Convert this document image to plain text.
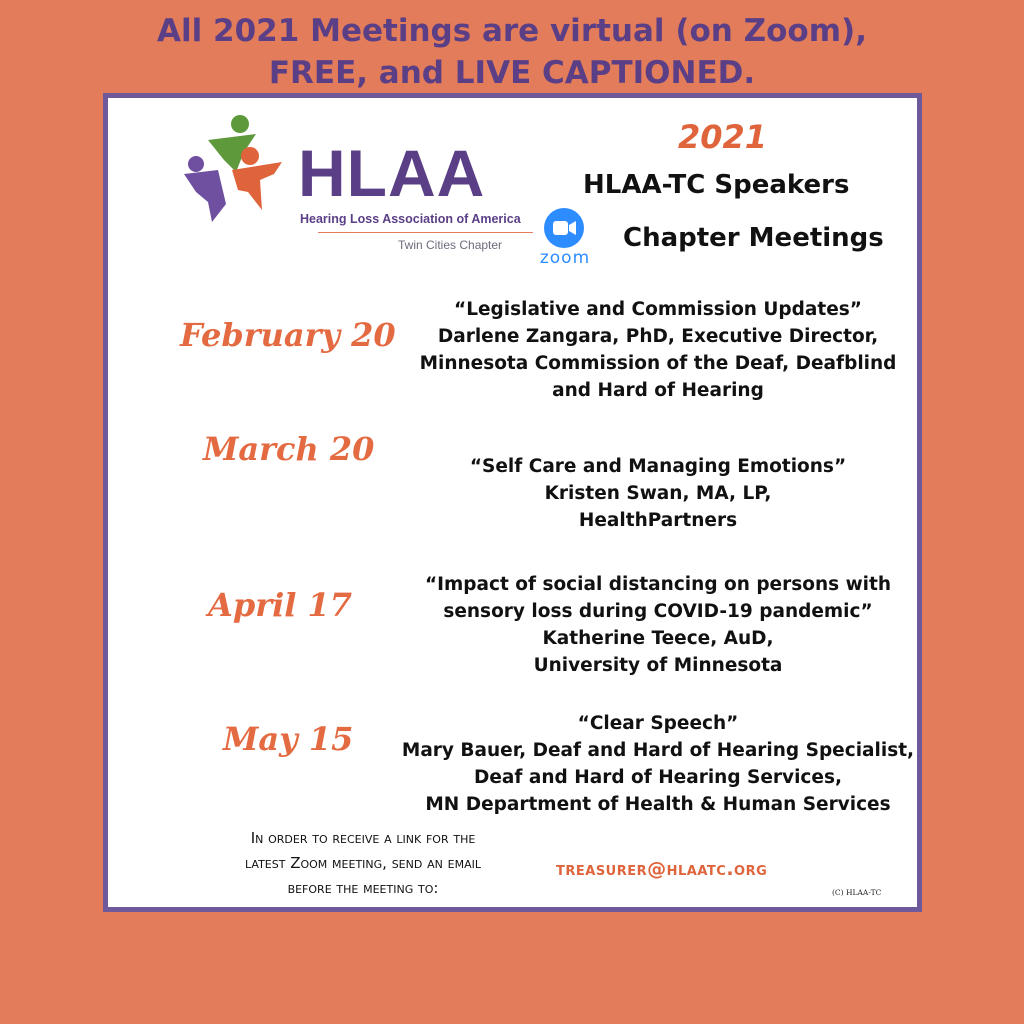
All 2021 Meetings are virtual (on Zoom),
FREE, and LIVE CAPTIONED.
HLAA
Hearing Loss Association of America
Twin Cities Chapter
2021
HLAA-TC Speakers
zoom
Chapter Meetings
February 20
“Legislative and Commission Updates”
Darlene Zangara, PhD, Executive Director,
Minnesota Commission of the Deaf, Deafblind
and Hard of Hearing
March 20	“Self Care and Managing Emotions”
Kristen Swan, MA, LP,
HealthPartners
April 17
“Impact of social distancing on persons with
sensory loss during COVID-19 pandemic”
Katherine Teece, AuD,
University of Minnesota
May 15	“Clear Speech”
Mary Bauer, Deaf and Hard of Hearing Specialist,
Deaf and Hard of Hearing Services,
MN Department of Health & Human Services
In order to receive a link for the
latest Zoom meeting, send an email
before the meeting to:
treasurer@hlaatc.org
(C) HLAA-TC
